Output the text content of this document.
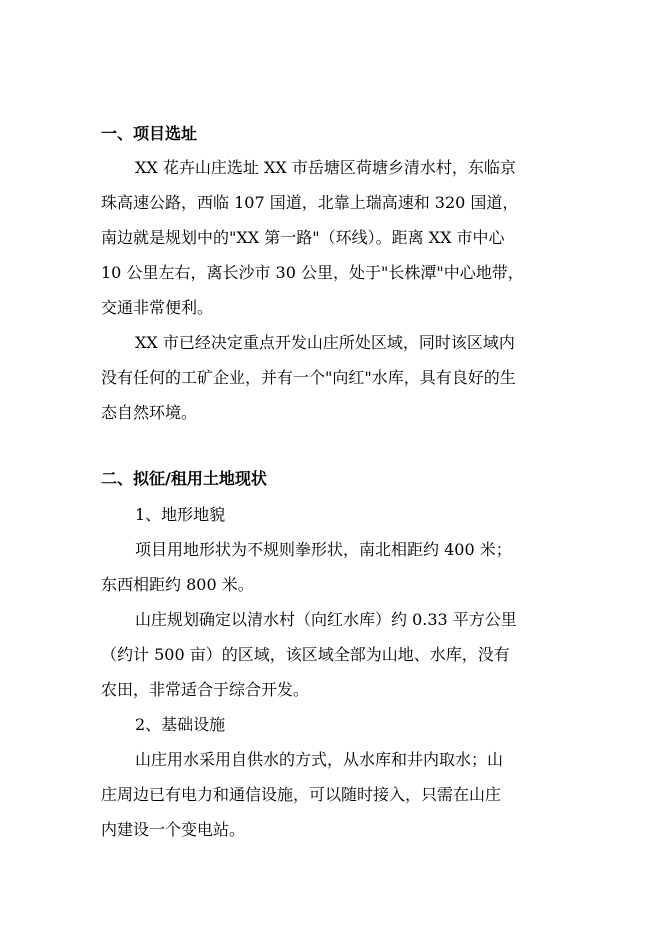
一、项目选址
XX 花卉山庄选址 XX 市岳塘区荷塘乡清水村，东临京
珠高速公路，西临 107 国道，北靠上瑞高速和 320 国道，
南边就是规划中的"XX 第一路"（环线）。距离 XX 市中心
10 公里左右，离长沙市 30 公里，处于"长株潭"中心地带，
交通非常便利。
XX 市已经决定重点开发山庄所处区域，同时该区域内
没有任何的工矿企业，并有一个"向红"水库，具有良好的生
态自然环境。
二、拟征/租用土地现状
1、地形地貌
项目用地形状为不规则拳形状，南北相距约 400 米；
东西相距约 800 米。
山庄规划确定以清水村（向红水库）约 0.33 平方公里
（约计 500 亩）的区域，该区域全部为山地、水库，没有
农田，非常适合于综合开发。
2、基础设施
山庄用水采用自供水的方式，从水库和井内取水；山
庄周边已有电力和通信设施，可以随时接入，只需在山庄
内建设一个变电站。
